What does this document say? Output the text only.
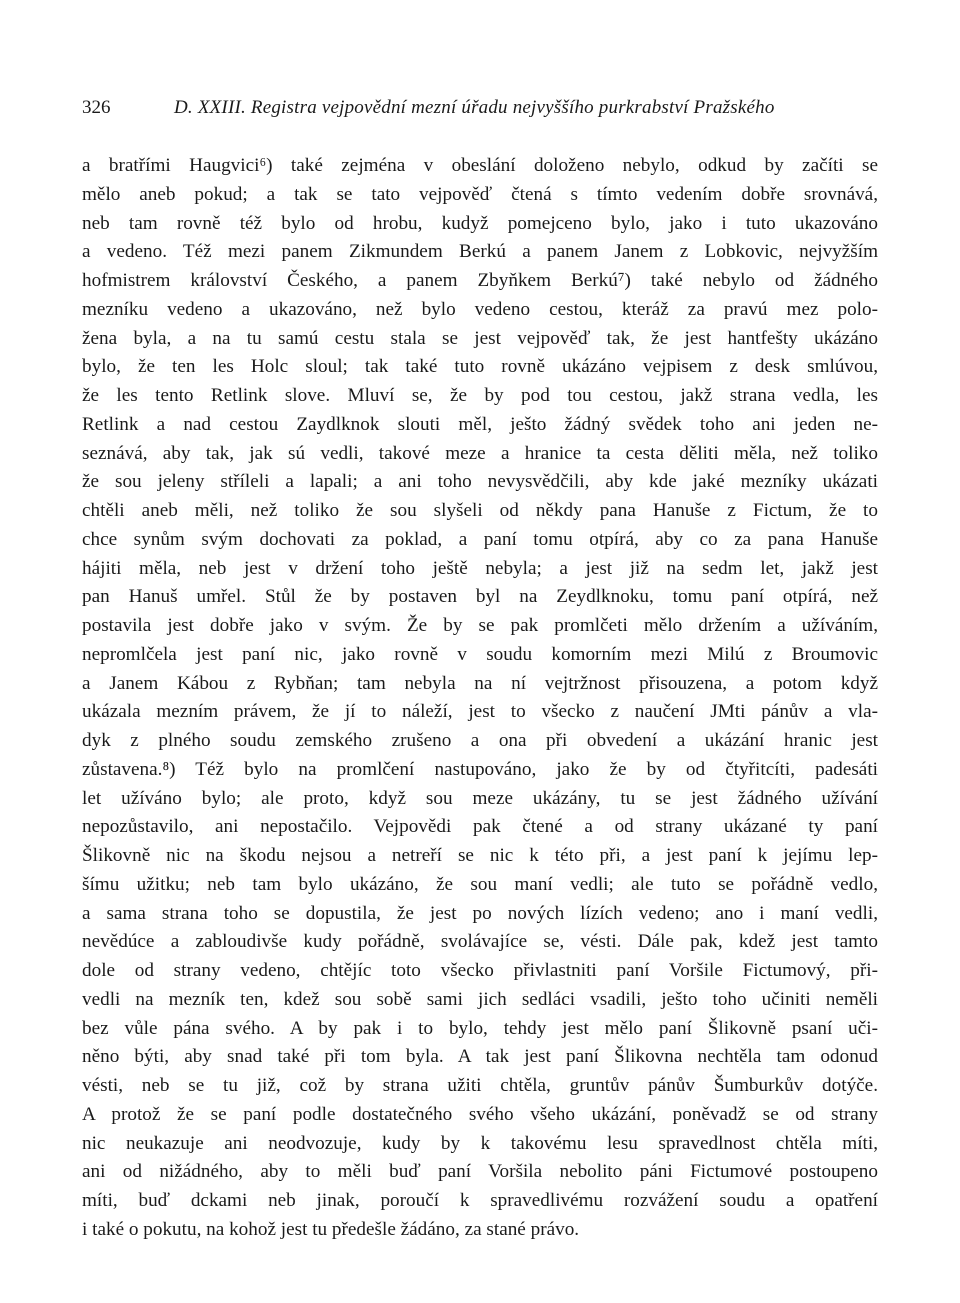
326	D. XXIII. Registra vejpovědní mezní úřadu nejvyššího purkrabství Pražského
a bratřími Haugvici⁶) také zejména v obeslání doloženo nebylo, odkud by začíti se
mělo aneb pokud; a tak se tato vejpověď čtená s tímto vedením dobře srovnává,
neb tam rovně též bylo od hrobu, kudyž pomejceno bylo, jako i tuto ukazováno
a vedeno. Též mezi panem Zikmundem Berkú a panem Janem z Lobkovic, nejvyžším
hofmistrem království Českého, a panem Zbyňkem Berkú⁷) také nebylo od žádného
mezníku vedeno a ukazováno, než bylo vedeno cestou, kteráž za pravú mez polo-
žena byla, a na tu samú cestu stala se jest vejpověď tak, že jest hantfešty ukázáno
bylo, že ten les Holc sloul; tak také tuto rovně ukázáno vejpisem z desk smlúvou,
že les tento Retlink slove. Mluví se, že by pod tou cestou, jakž strana vedla, les
Retlink a nad cestou Zaydlknok slouti měl, ješto žádný svědek toho ani jeden ne-
seznává, aby tak, jak sú vedli, takové meze a hranice ta cesta děliti měla, než toliko
že sou jeleny stříleli a lapali; a ani toho nevysvědčili, aby kde jaké mezníky ukázati
chtěli aneb měli, než toliko že sou slyšeli od někdy pana Hanuše z Fictum, že to
chce synům svým dochovati za poklad, a paní tomu otpírá, aby co za pana Hanuše
hájiti měla, neb jest v držení toho ještě nebyla; a jest již na sedm let, jakž jest
pan Hanuš umřel. Stůl že by postaven byl na Zeydlknoku, tomu paní otpírá, než
postavila jest dobře jako v svým. Že by se pak promlčeti mělo držením a užíváním,
nepromlčela jest paní nic, jako rovně v soudu komorním mezi Milú z Broumovic
a Janem Kábou z Rybňan; tam nebyla na ní vejtržnost přisouzena, a potom když
ukázala mezním právem, že jí to náleží, jest to všecko z naučení JMti pánův a vla-
dyk z plného soudu zemského zrušeno a ona při obvedení a ukázání hranic jest
zůstavena.⁸) Též bylo na promlčení nastupováno, jako že by od čtyřitcíti, padesáti
let užíváno bylo; ale proto, když sou meze ukázány, tu se jest žádného užívání
nepozůstavilo, ani nepostačilo. Vejpovědi pak čtené a od strany ukázané ty paní
Šlikovně nic na škodu nejsou a netreří se nic k této při, a jest paní k jejímu lep-
šímu užitku; neb tam bylo ukázáno, že sou maní vedli; ale tuto se pořádně vedlo,
a sama strana toho se dopustila, že jest po nových lízích vedeno; ano i maní vedli,
nevědúce a zabloudivše kudy pořádně, svolávajíce se, vésti. Dále pak, kdež jest tamto
dole od strany vedeno, chtějíc toto všecko přivlastniti paní Voršile Fictumový, při-
vedli na mezník ten, kdež sou sobě sami jich sedláci vsadili, ješto toho učiniti neměli
bez vůle pána svého. A by pak i to bylo, tehdy jest mělo paní Šlikovně psaní uči-
něno býti, aby snad také při tom byla. A tak jest paní Šlikovna nechtěla tam odonud
vésti, neb se tu již, což by strana užiti chtěla, gruntův pánův Šumburkův dotýče.
A protož že se paní podle dostatečného svého všeho ukázání, poněvadž se od strany
nic neukazuje ani neodvozuje, kudy by k takovému lesu spravedlnost chtěla míti,
ani od nižádného, aby to měli buď paní Voršila nebolito páni Fictumové postoupeno
míti, buď dckami neb jinak, poroučí k spravedlivému rozvážení soudu a opatření
i také o pokutu, na kohož jest tu předešle žádáno, za stané právo.
